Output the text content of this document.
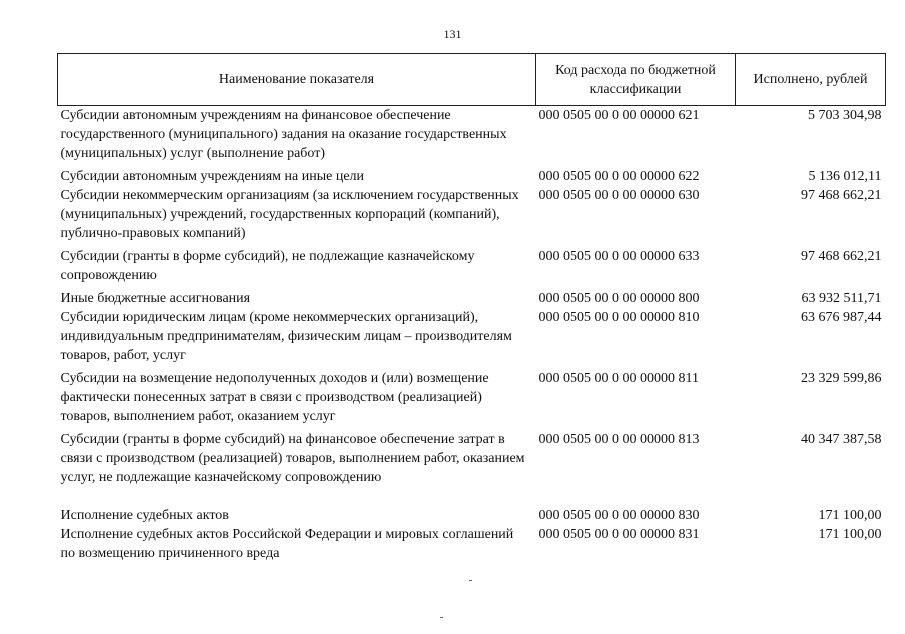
131
Наименование показателя	Код расхода по бюджетной классификации	Исполнено, рублей
Субсидии автономным учреждениям на финансовое обеспечение государственного (муниципального) задания на оказание государственных (муниципальных) услуг (выполнение работ)	000 0505 00 0 00 00000 621	5 703 304,98
Субсидии автономным учреждениям на иные цели	000 0505 00 0 00 00000 622	5 136 012,11
Субсидии некоммерческим организациям (за исключением государственных (муниципальных) учреждений, государственных корпораций (компаний), публично-правовых компаний)	000 0505 00 0 00 00000 630	97 468 662,21
Субсидии (гранты в форме субсидий), не подлежащие казначейскому сопровождению	000 0505 00 0 00 00000 633	97 468 662,21
Иные бюджетные ассигнования	000 0505 00 0 00 00000 800	63 932 511,71
Субсидии юридическим лицам (кроме некоммерческих организаций), индивидуальным предпринимателям, физическим лицам – производителям товаров, работ, услуг	000 0505 00 0 00 00000 810	63 676 987,44
Субсидии на возмещение недополученных доходов и (или) возмещение фактически понесенных затрат в связи с производством (реализацией) товаров, выполнением работ, оказанием услуг	000 0505 00 0 00 00000 811	23 329 599,86
Субсидии (гранты в форме субсидий) на финансовое обеспечение затрат в связи с производством (реализацией) товаров, выполнением работ, оказанием услуг, не подлежащие казначейскому сопровождению	000 0505 00 0 00 00000 813	40 347 387,58
Исполнение судебных актов	000 0505 00 0 00 00000 830	171 100,00
Исполнение судебных актов Российской Федерации и мировых соглашений по возмещению причиненного вреда	000 0505 00 0 00 00000 831	171 100,00
